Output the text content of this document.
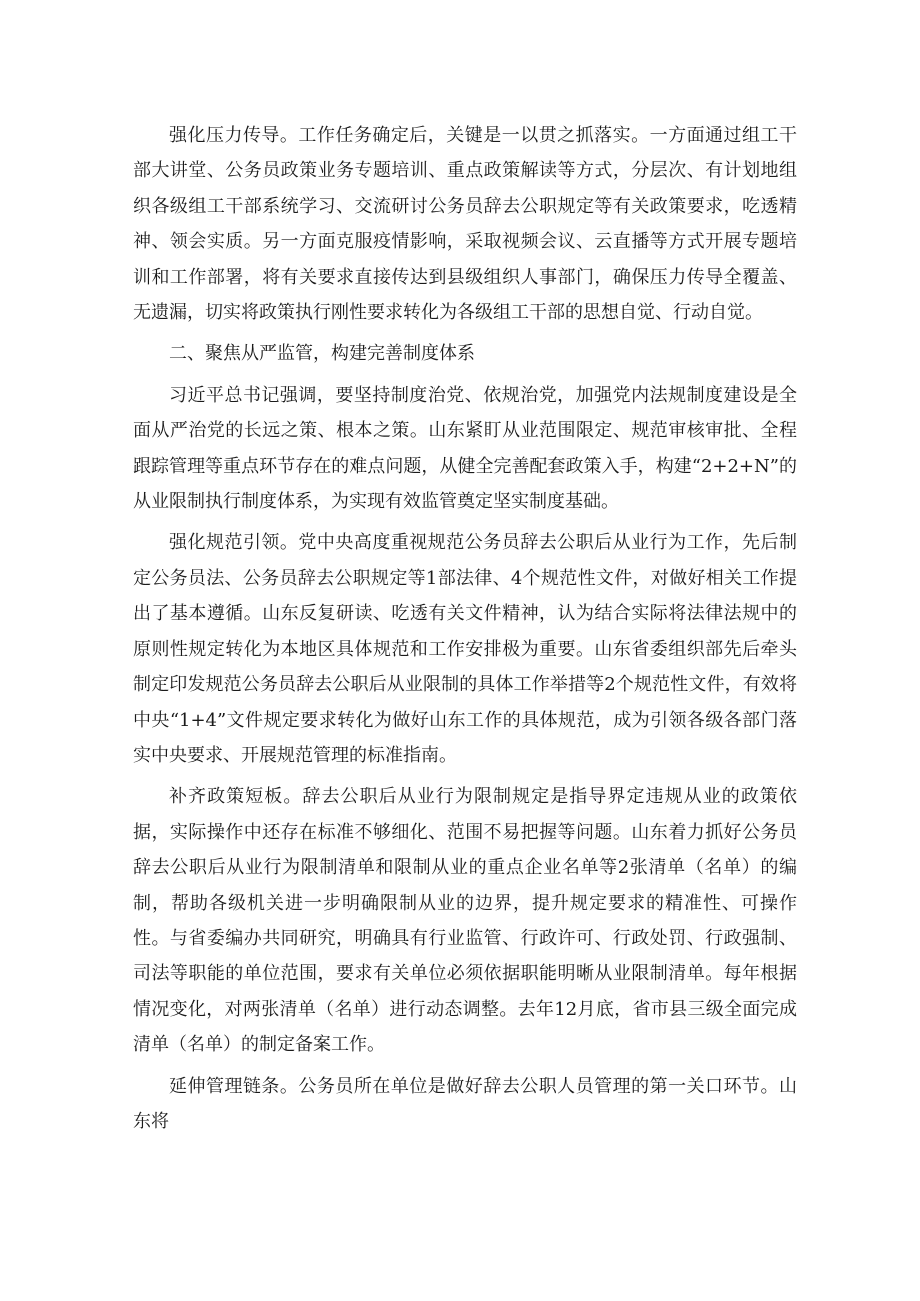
强化压力传导。工作任务确定后，关键是一以贯之抓落实。一方面通过组工干部大讲堂、公务员政策业务专题培训、重点政策解读等方式，分层次、有计划地组织各级组工干部系统学习、交流研讨公务员辞去公职规定等有关政策要求，吃透精神、领会实质。另一方面克服疫情影响，采取视频会议、云直播等方式开展专题培训和工作部署，将有关要求直接传达到县级组织人事部门，确保压力传导全覆盖、无遗漏，切实将政策执行刚性要求转化为各级组工干部的思想自觉、行动自觉。

二、聚焦从严监管，构建完善制度体系

习近平总书记强调，要坚持制度治党、依规治党，加强党内法规制度建设是全面从严治党的长远之策、根本之策。山东紧盯从业范围限定、规范审核审批、全程跟踪管理等重点环节存在的难点问题，从健全完善配套政策入手，构建“2+2+N”的从业限制执行制度体系，为实现有效监管奠定坚实制度基础。

强化规范引领。党中央高度重视规范公务员辞去公职后从业行为工作，先后制定公务员法、公务员辞去公职规定等1部法律、4个规范性文件，对做好相关工作提出了基本遵循。山东反复研读、吃透有关文件精神，认为结合实际将法律法规中的原则性规定转化为本地区具体规范和工作安排极为重要。山东省委组织部先后牵头制定印发规范公务员辞去公职后从业限制的具体工作举措等2个规范性文件，有效将中央“1+4”文件规定要求转化为做好山东工作的具体规范，成为引领各级各部门落实中央要求、开展规范管理的标准指南。

补齐政策短板。辞去公职后从业行为限制规定是指导界定违规从业的政策依据，实际操作中还存在标准不够细化、范围不易把握等问题。山东着力抓好公务员辞去公职后从业行为限制清单和限制从业的重点企业名单等2张清单（名单）的编制，帮助各级机关进一步明确限制从业的边界，提升规定要求的精准性、可操作性。与省委编办共同研究，明确具有行业监管、行政许可、行政处罚、行政强制、司法等职能的单位范围，要求有关单位必须依据职能明晰从业限制清单。每年根据情况变化，对两张清单（名单）进行动态调整。去年12月底，省市县三级全面完成清单（名单）的制定备案工作。

延伸管理链条。公务员所在单位是做好辞去公职人员管理的第一关口环节。山东将
